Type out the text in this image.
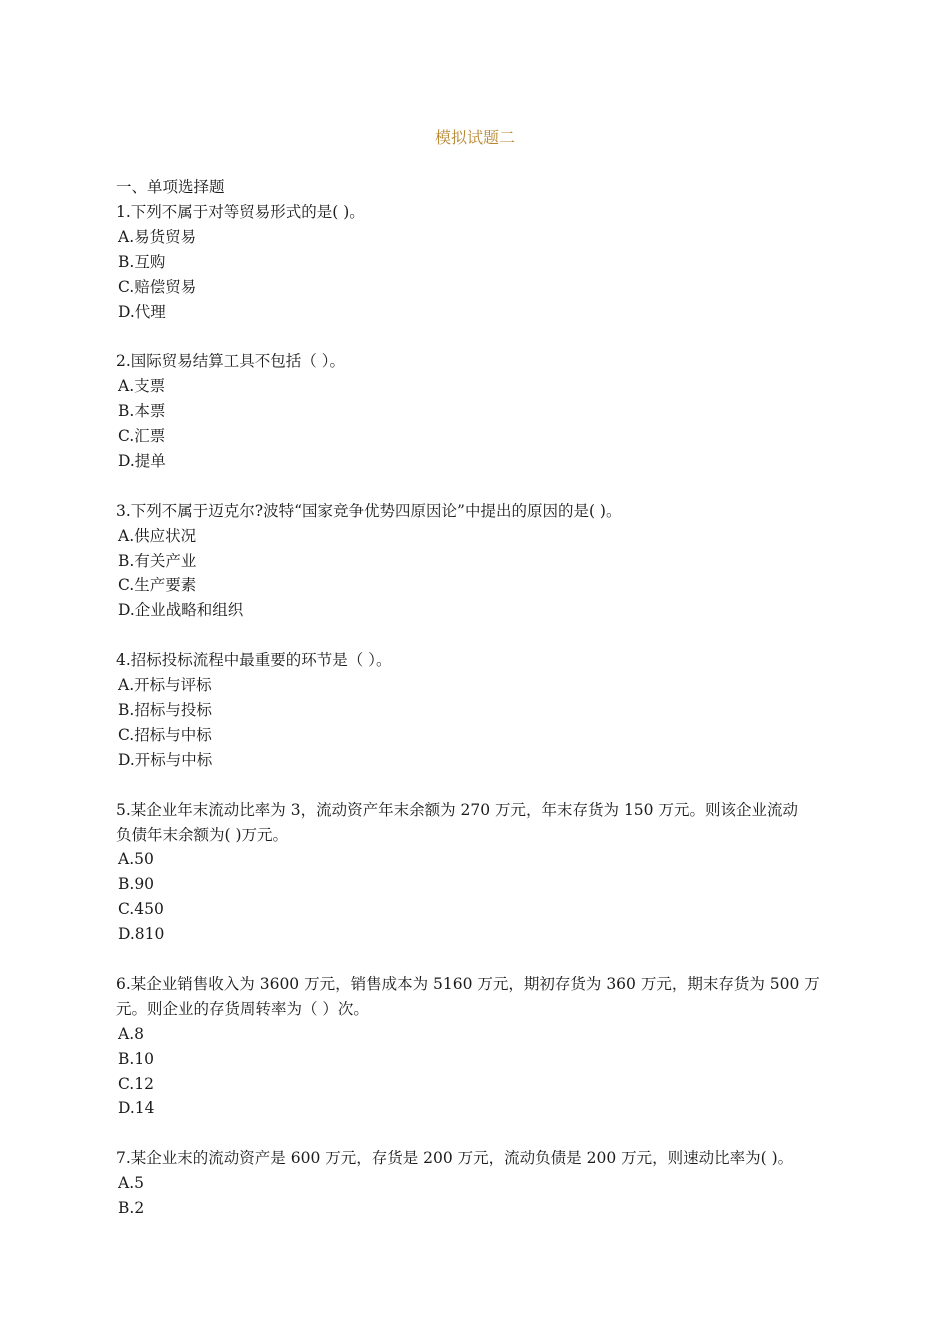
模拟试题二

一、单项选择题

1.下列不属于对等贸易形式的是( )。

A.易货贸易

B.互购

C.赔偿贸易

D.代理

2.国际贸易结算工具不包括（ ）。

A.支票

B.本票

C.汇票

D.提单

3.下列不属于迈克尔?波特“国家竞争优势四原因论”中提出的原因的是( )。

A.供应状况

B.有关产业

C.生产要素

D.企业战略和组织

4.招标投标流程中最重要的环节是（ ）。

A.开标与评标

B.招标与投标

C.招标与中标

D.开标与中标

5.某企业年末流动比率为 3，流动资产年末余额为 270 万元，年末存货为 150 万元。则该企业流动

负债年末余额为( )万元。

A.50

B.90

C.450

D.810

6.某企业销售收入为 3600 万元，销售成本为 5160 万元，期初存货为 360 万元，期末存货为 500 万

元。则企业的存货周转率为（ ）次。

A.8

B.10

C.12

D.14

7.某企业末的流动资产是 600 万元，存货是 200 万元，流动负债是 200 万元，则速动比率为( )。

A.5

B.2
